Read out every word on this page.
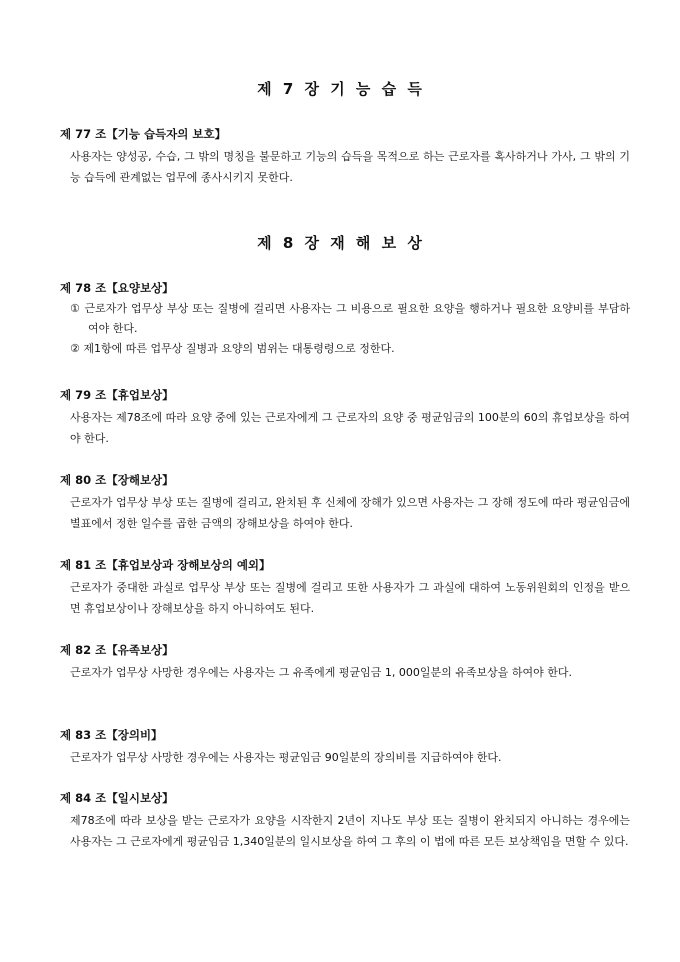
제 7 장 기 능 습 득

제 77 조【기능 습득자의 보호】

사용자는 양성공, 수습, 그 밖의 명칭을 불문하고 기능의 습득을 목적으로 하는 근로자를 혹사하거나 가사, 그 밖의 기능 습득에 관계없는 업무에 종사시키지 못한다.

제 8 장 재 해 보 상

제 78 조【요양보상】

① 근로자가 업무상 부상 또는 질병에 걸리면 사용자는 그 비용으로 필요한 요양을 행하거나 필요한 요양비를 부담하여야 한다.

② 제1항에 따른 업무상 질병과 요양의 범위는 대통령령으로 정한다.

제 79 조【휴업보상】

사용자는 제78조에 따라 요양 중에 있는 근로자에게 그 근로자의 요양 중 평균임금의 100분의 60의 휴업보상을 하여야 한다.

제 80 조【장해보상】

근로자가 업무상 부상 또는 질병에 걸리고, 완치된 후 신체에 장해가 있으면 사용자는 그 장해 정도에 따라 평균임금에 별표에서 정한 일수를 곱한 금액의 장해보상을 하여야 한다.

제 81 조【휴업보상과 장해보상의 예외】

근로자가 중대한 과실로 업무상 부상 또는 질병에 걸리고 또한 사용자가 그 과실에 대하여 노동위원회의 인정을 받으면 휴업보상이나 장해보상을 하지 아니하여도 된다.

제 82 조【유족보상】

근로자가 업무상 사망한 경우에는 사용자는 그 유족에게 평균임금 1, 000일분의 유족보상을 하여야 한다.

제 83 조【장의비】

근로자가 업무상 사망한 경우에는 사용자는 평균임금 90일분의 장의비를 지급하여야 한다.

제 84 조【일시보상】

제78조에 따라 보상을 받는 근로자가 요양을 시작한지 2년이 지나도 부상 또는 질병이 완치되지 아니하는 경우에는 사용자는 그 근로자에게 평균임금 1,340일분의 일시보상을 하여 그 후의 이 법에 따른 모든 보상책임을 면할 수 있다.
